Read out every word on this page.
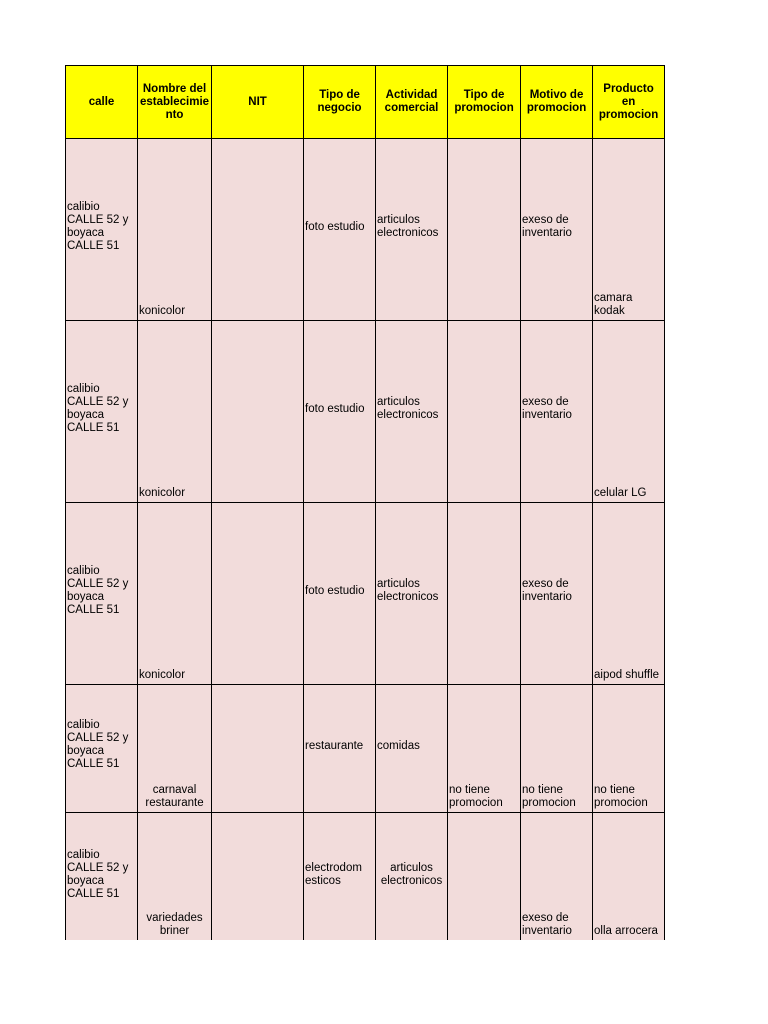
calle	Nombre del establecimie nto	NIT	Tipo de negocio	Actividad comercial	Tipo de promocion	Motivo de promocion	Producto en promocion

calibio CALLE 52 y boyaca CALLE 51	konicolor		foto estudio	articulos electronicos		exeso de inventario	camara kodak

calibio CALLE 52 y boyaca CALLE 51	konicolor		foto estudio	articulos electronicos		exeso de inventario	celular LG

calibio CALLE 52 y boyaca CALLE 51	konicolor		foto estudio	articulos electronicos		exeso de inventario	aipod shuffle

calibio CALLE 52 y boyaca CALLE 51	carnaval restaurante		restaurante	comidas	no tiene promocion	no tiene promocion	no tiene promocion

calibio CALLE 52 y boyaca CALLE 51	variedades briner		electrodom esticos	articulos electronicos		exeso de inventario	olla arrocera
